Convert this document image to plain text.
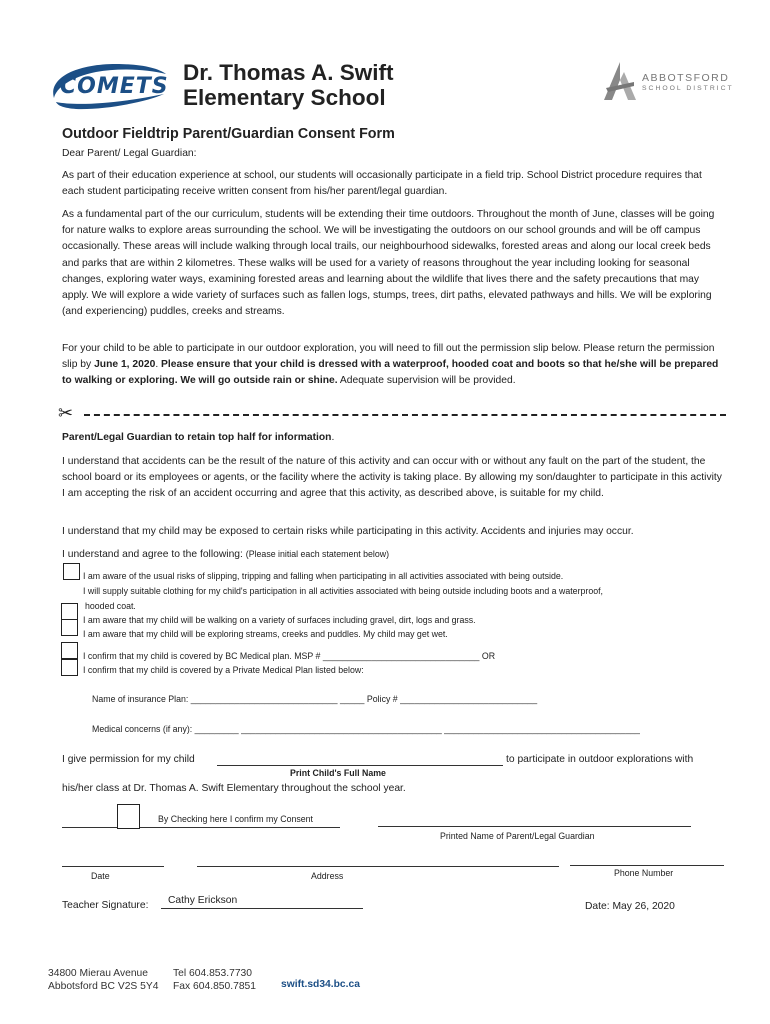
COMETS
Dr. Thomas A. Swift
Elementary School
ABBOTSFORD
SCHOOL DISTRICT
Outdoor Fieldtrip Parent/Guardian Consent Form
Dear Parent/ Legal Guardian:

As part of their education experience at school, our students will occasionally participate in a field trip. School District procedure requires that each student participating receive written consent from his/her parent/legal guardian.

As a fundamental part of the our curriculum, students will be extending their time outdoors. Throughout the month of June, classes will be going for nature walks to explore areas surrounding the school. We will be investigating the outdoors on our school grounds and will be off campus occasionally. These areas will include walking through local trails, our neighbourhood sidewalks, forested areas and along our local creek beds and parks that are within 2 kilometres. These walks will be used for a variety of reasons throughout the year including looking for seasonal changes, exploring water ways, examining forested areas and learning about the wildlife that lives there and the safety precautions that may apply. We will explore a wide variety of surfaces such as fallen logs, stumps, trees, dirt paths, elevated pathways and hills. We will be exploring (and experiencing) puddles, creeks and streams.

For your child to be able to participate in our outdoor exploration, you will need to fill out the permission slip below. Please return the permission slip by June 1, 2020. Please ensure that your child is dressed with a waterproof, hooded coat and boots so that he/she will be prepared to walking or exploring. We will go outside rain or shine. Adequate supervision will be provided.

✂
Parent/Legal Guardian to retain top half for information.

I understand that accidents can be the result of the nature of this activity and can occur with or without any fault on the part of the student, the school board or its employees or agents, or the facility where the activity is taking place. By allowing my son/daughter to participate in this activity I am accepting the risk of an accident occurring and agree that this activity, as described above, is suitable for my child.

I understand that my child may be exposed to certain risks while participating in this activity. Accidents and injuries may occur.

I understand and agree to the following: (Please initial each statement below)
I am aware of the usual risks of slipping, tripping and falling when participating in all activities associated with being outside.
I will supply suitable clothing for my child's participation in all activities associated with being outside including boots and a waterproof,
hooded coat.
I am aware that my child will be walking on a variety of surfaces including gravel, dirt, logs and grass.
I am aware that my child will be exploring streams, creeks and puddles. My child may get wet.
I confirm that my child is covered by BC Medical plan. MSP # ________________________________ OR
I confirm that my child is covered by a Private Medical Plan listed below:
Name of insurance Plan: ______________________________ _____ Policy # ____________________________
Medical concerns (if any): _________ _________________________________________ ________________________________________
I give permission for my child	to participate in outdoor explorations with
Print Child's Full Name
his/her class at Dr. Thomas A. Swift Elementary throughout the school year.
By Checking here I confirm my Consent
Printed Name of Parent/Legal Guardian
Date	Address	Phone Number
Teacher Signature: Cathy Erickson
Date: May 26, 2020
34800 Mierau Avenue
Abbotsford BC V2S 5Y4
Tel 604.853.7730
Fax 604.850.7851 swift.sd34.bc.ca
